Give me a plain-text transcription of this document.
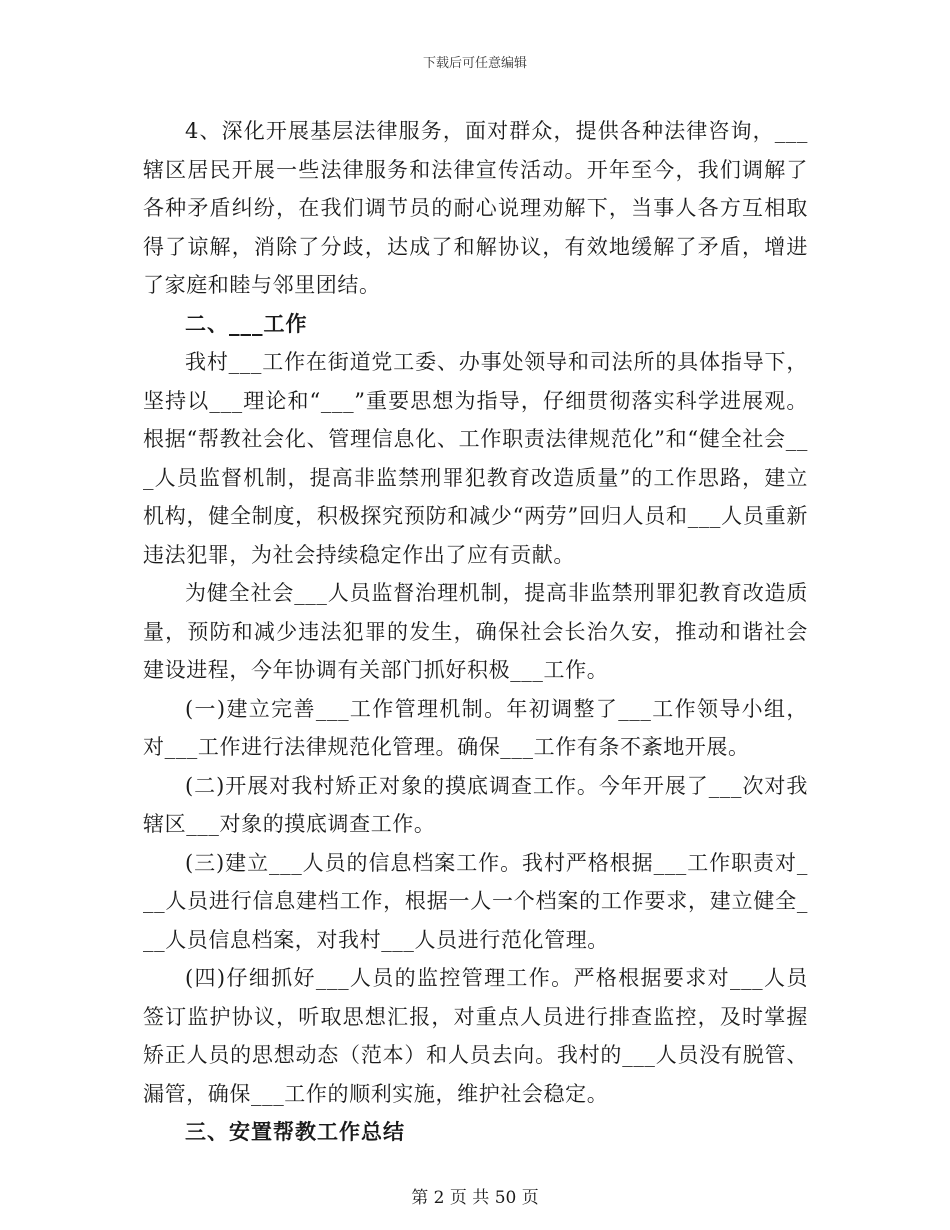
下载后可任意编辑

4、深化开展基层法律服务，面对群众，提供各种法律咨询，___辖区居民开展一些法律服务和法律宣传活动。开年至今，我们调解了各种矛盾纠纷，在我们调节员的耐心说理劝解下，当事人各方互相取得了谅解，消除了分歧，达成了和解协议，有效地缓解了矛盾，增进了家庭和睦与邻里团结。

二、___工作

我村___工作在街道党工委、办事处领导和司法所的具体指导下，坚持以___理论和“___”重要思想为指导，仔细贯彻落实科学进展观。根据“帮教社会化、管理信息化、工作职责法律规范化”和“健全社会___人员监督机制，提高非监禁刑罪犯教育改造质量”的工作思路，建立机构，健全制度，积极探究预防和减少“两劳”回归人员和___人员重新违法犯罪，为社会持续稳定作出了应有贡献。

为健全社会___人员监督治理机制，提高非监禁刑罪犯教育改造质量，预防和减少违法犯罪的发生，确保社会长治久安，推动和谐社会建设进程，今年协调有关部门抓好积极___工作。

(一)建立完善___工作管理机制。年初调整了___工作领导小组，对___工作进行法律规范化管理。确保___工作有条不紊地开展。

(二)开展对我村矫正对象的摸底调查工作。今年开展了___次对我辖区___对象的摸底调查工作。

(三)建立___人员的信息档案工作。我村严格根据___工作职责对___人员进行信息建档工作，根据一人一个档案的工作要求，建立健全___人员信息档案，对我村___人员进行范化管理。

(四)仔细抓好___人员的监控管理工作。严格根据要求对___人员签订监护协议，听取思想汇报，对重点人员进行排查监控，及时掌握矫正人员的思想动态（范本）和人员去向。我村的___人员没有脱管、漏管，确保___工作的顺利实施，维护社会稳定。

三、安置帮教工作总结

第 2 页 共 50 页
